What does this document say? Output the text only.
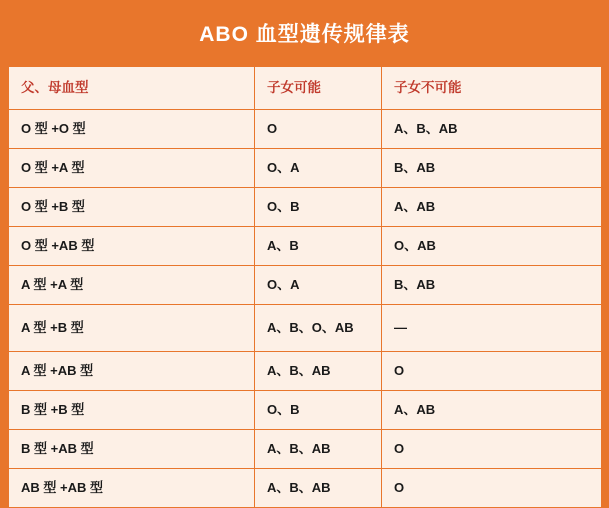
ABO 血型遗传规律表
父、母血型	子女可能	子女不可能

O 型 +O 型	O	A、B、AB

O 型 +A 型	O、A	B、AB

O 型 +B 型	O、B	A、AB

O 型 +AB 型	A、B	O、AB

A 型 +A 型	O、A	B、AB

A 型 +B 型	A、B、O、AB	—

A 型 +AB 型	A、B、AB	O

B 型 +B 型	O、B	A、AB

B 型 +AB 型	A、B、AB	O

AB 型 +AB 型	A、B、AB	O
